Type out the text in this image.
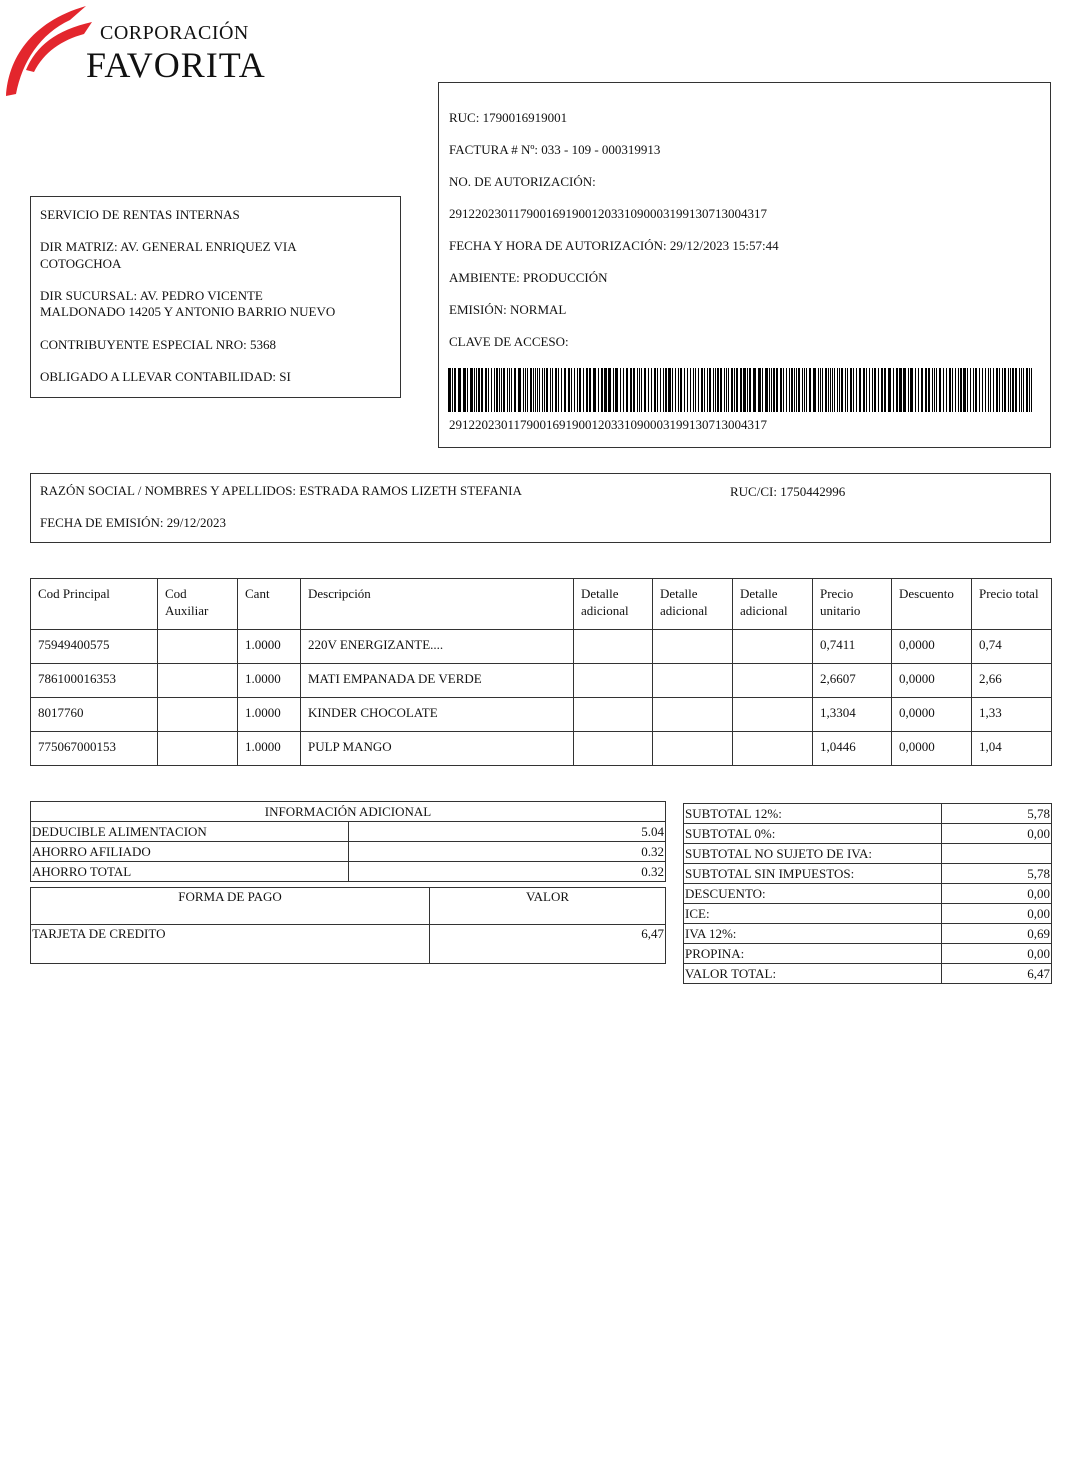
CORPORACIÓN
FAVORITA
SERVICIO DE RENTAS INTERNAS
DIR MATRIZ: AV. GENERAL ENRIQUEZ VIA
COTOGCHOA
DIR SUCURSAL: AV. PEDRO VICENTE
MALDONADO 14205 Y ANTONIO BARRIO NUEVO
CONTRIBUYENTE ESPECIAL NRO: 5368
OBLIGADO A LLEVAR CONTABILIDAD: SI
RUC: 1790016919001
FACTURA # Nº: 033 - 109 - 000319913
NO. DE AUTORIZACIÓN:
2912202301179001691900120331090003199130713004317
FECHA Y HORA DE AUTORIZACIÓN: 29/12/2023 15:57:44
AMBIENTE: PRODUCCIÓN
EMISIÓN: NORMAL
CLAVE DE ACCESO:
2912202301179001691900120331090003199130713004317
RAZÓN SOCIAL / NOMBRES Y APELLIDOS: ESTRADA RAMOS LIZETH STEFANIA	RUC/CI: 1750442996
FECHA DE EMISIÓN: 29/12/2023
Cod Principal	Cod Auxiliar	Cant	Descripción	Detalle adicional	Detalle adicional	Detalle adicional	Precio unitario	Descuento	Precio total
75949400575		1.0000	220V ENERGIZANTE....				0,7411	0,0000	0,74
786100016353		1.0000	MATI EMPANADA DE VERDE				2,6607	0,0000	2,66
8017760		1.0000	KINDER CHOCOLATE				1,3304	0,0000	1,33
775067000153		1.0000	PULP MANGO				1,0446	0,0000	1,04
INFORMACIÓN ADICIONAL	
DEDUCIBLE ALIMENTACION	5.04
AHORRO AFILIADO	0.32
AHORRO TOTAL	0.32
FORMA DE PAGO	VALOR
TARJETA DE CREDITO	6,47
SUBTOTAL 12%:	5,78
SUBTOTAL 0%:	0,00
SUBTOTAL NO SUJETO DE IVA:	
SUBTOTAL SIN IMPUESTOS:	5,78
DESCUENTO:	0,00
ICE:	0,00
IVA 12%:	0,69
PROPINA:	0,00
VALOR TOTAL:	6,47
